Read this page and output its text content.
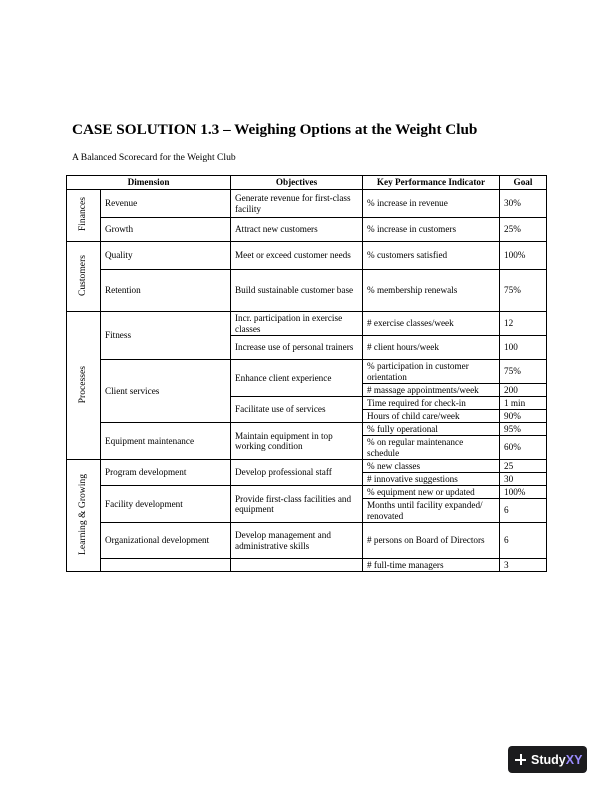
CASE SOLUTION 1.3 – Weighing Options at the Weight Club
A Balanced Scorecard for the Weight Club
Dimension		Objectives	Key Performance Indicator	Goal
Finances	Revenue	Generate revenue for first-class facility	% increase in revenue	30%
	Growth	Attract new customers	% increase in customers	25%
Customers	Quality	Meet or exceed customer needs	% customers satisfied	100%
	Retention	Build sustainable customer base	% membership renewals	75%
Processes	Fitness	Incr. participation in exercise classes	# exercise classes/week	12
		Increase use of personal trainers	# client hours/week	100
	Client services	Enhance client experience	% participation in customer orientation	75%
			# massage appointments/week	200
		Facilitate use of services	Time required for check-in	1 min
			Hours of child care/week	90%
	Equipment maintenance	Maintain equipment in top working condition	% fully operational	95%
			% on regular maintenance schedule	60%
Learning & Growing	Program development	Develop professional staff	% new classes	25
			# innovative suggestions	30
	Facility development	Provide first-class facilities and equipment	% equipment new or updated	100%
			Months until facility expanded/ renovated	6
	Organizational development	Develop management and administrative skills	# persons on Board of Directors	6
			# full-time managers	3
Study XY
